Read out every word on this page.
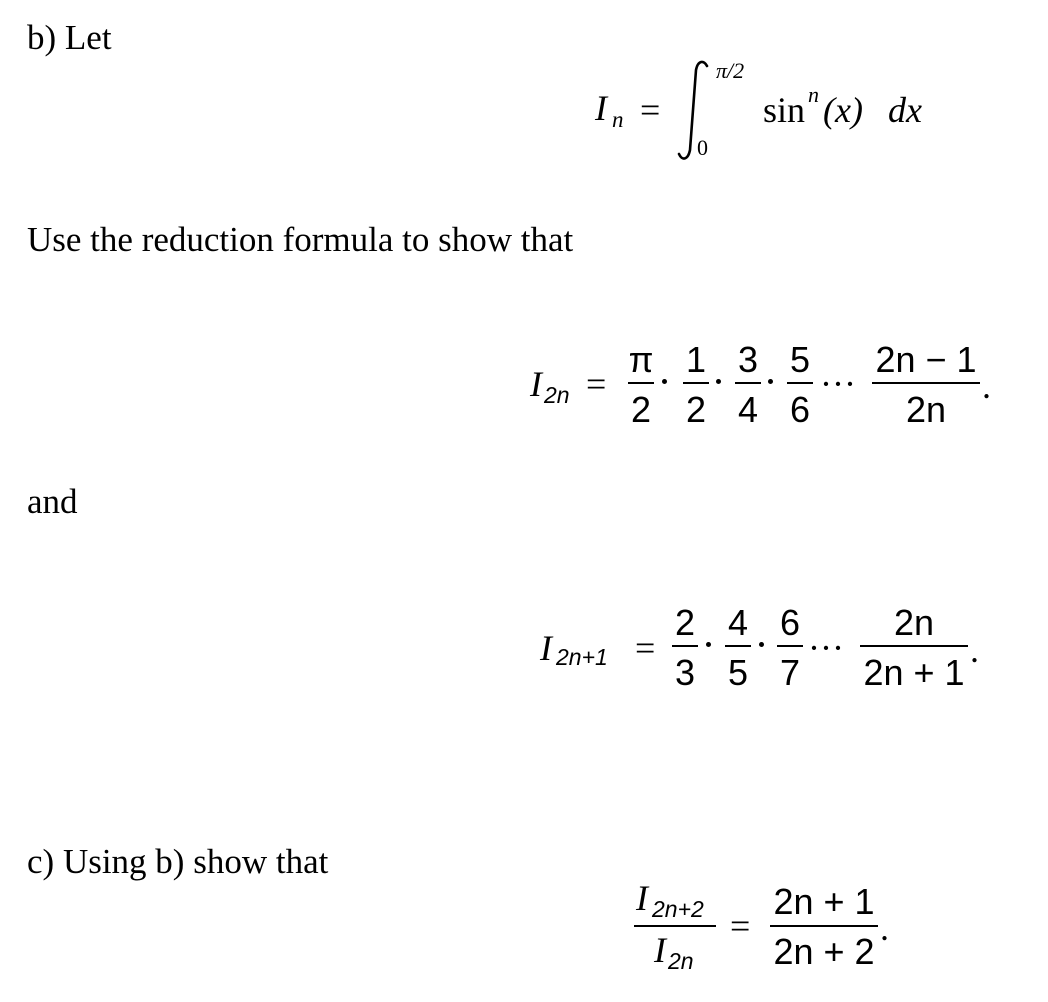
b) Let
I n =
π/2
0
sin n (x) dx
Use the reduction formula to show that
I 2n =
π
2
1
2
3
4
5
6
···
2n − 1
2n
.
and
I 2n+1 =
2
3
4
5
6
7
···
2n
2n + 1
.
c) Using b) show that
I 2n+2
I 2n
=
2n + 1
2n + 2
.
